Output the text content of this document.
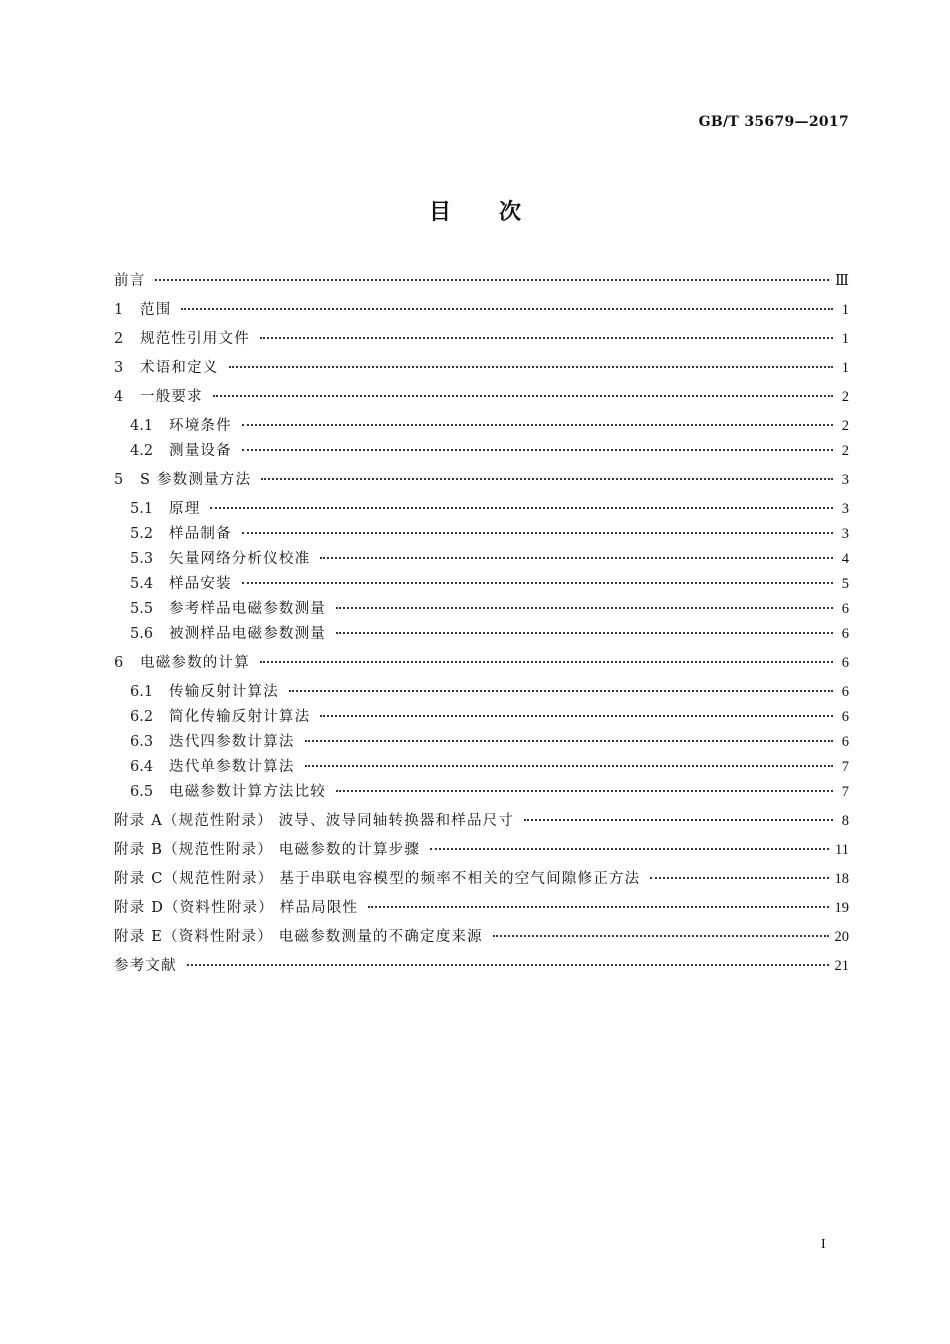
GB/T 35679—2017
目次
前言	Ⅲ
1	范围	1
2	规范性引用文件	1
3	术语和定义	1
4	一般要求	2
4.1	环境条件	2
4.2	测量设备	2
5	S 参数测量方法	3
5.1	原理	3
5.2	样品制备	3
5.3	矢量网络分析仪校准	4
5.4	样品安装	5
5.5	参考样品电磁参数测量	6
5.6	被测样品电磁参数测量	6
6	电磁参数的计算	6
6.1	传输反射计算法	6
6.2	简化传输反射计算法	6
6.3	迭代四参数计算法	6
6.4	迭代单参数计算法	7
6.5	电磁参数计算方法比较	7
附录 A（规范性附录） 波导、波导同轴转换器和样品尺寸	8
附录 B（规范性附录） 电磁参数的计算步骤	11
附录 C（规范性附录） 基于串联电容模型的频率不相关的空气间隙修正方法	18
附录 D（资料性附录） 样品局限性	19
附录 E（资料性附录） 电磁参数测量的不确定度来源	20
参考文献	21
I
